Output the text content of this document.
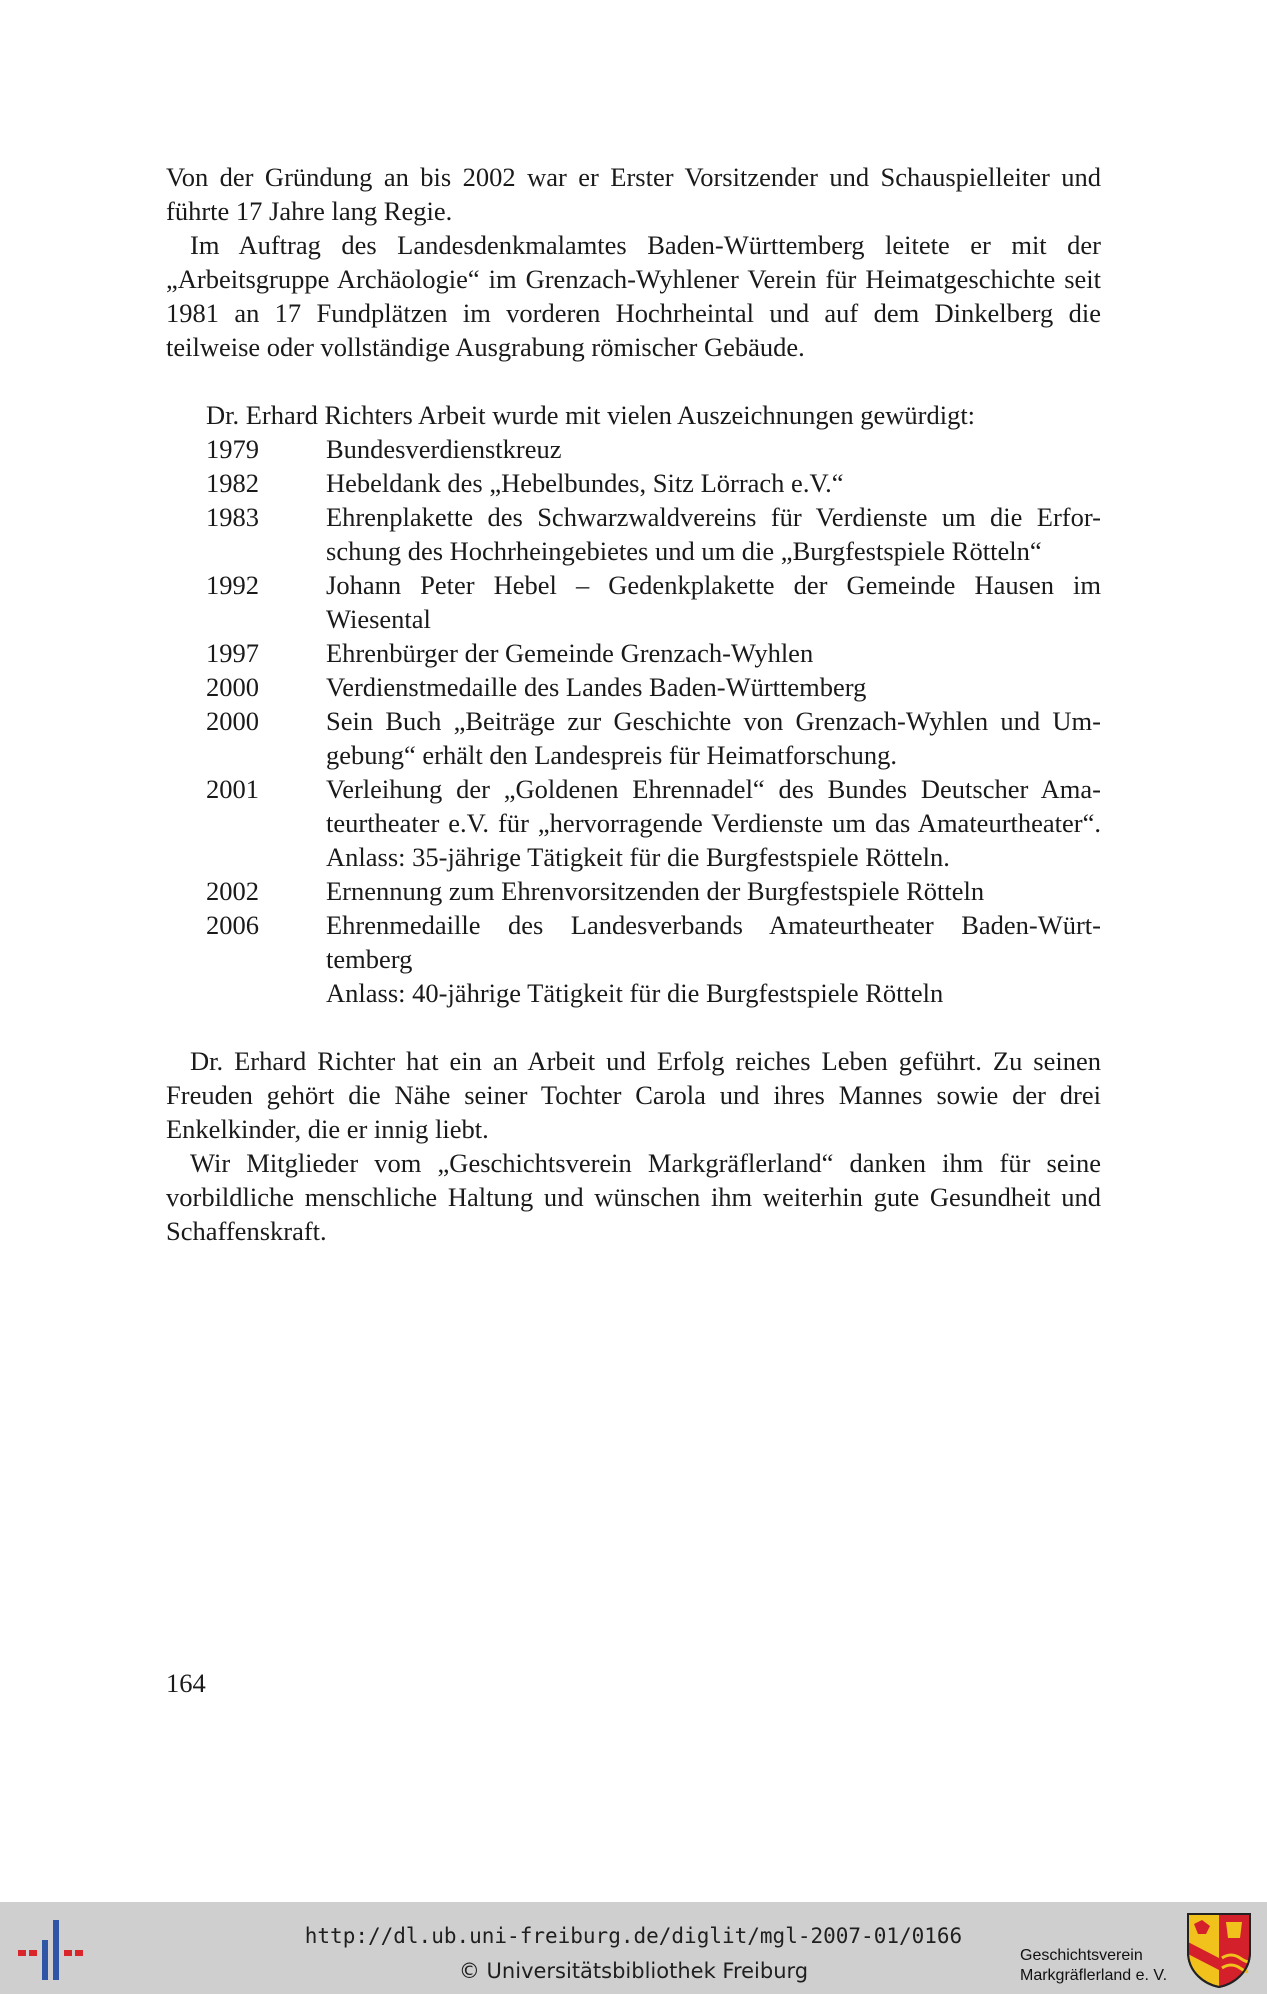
Von der Gründung an bis 2002 war er Erster Vorsitzender und Schauspielleiter und führte 17 Jahre lang Regie.

Im Auftrag des Landesdenkmalamtes Baden-Württemberg leitete er mit der „Arbeitsgruppe Archäologie“ im Grenzach-Wyhlener Verein für Heimatgeschichte seit 1981 an 17 Fundplätzen im vorderen Hochrheintal und auf dem Dinkelberg die teilweise oder vollständige Ausgrabung römischer Gebäude.

Dr. Erhard Richters Arbeit wurde mit vielen Auszeichnungen gewürdigt:

1979	Bundesverdienstkreuz
1982	Hebeldank des „Hebelbundes, Sitz Lörrach e.V.“
1983	Ehrenplakette des Schwarzwaldvereins für Verdienste um die Erfor-
schung des Hochrheingebietes und um die „Burgfestspiele Rötteln“
1992	Johann Peter Hebel – Gedenkplakette der Gemeinde Hausen im
Wiesental
1997	Ehrenbürger der Gemeinde Grenzach-Wyhlen
2000	Verdienstmedaille des Landes Baden-Württemberg
2000	Sein Buch „Beiträge zur Geschichte von Grenzach-Wyhlen und Um-
gebung“ erhält den Landespreis für Heimatforschung.
2001	Verleihung der „Goldenen Ehrennadel“ des Bundes Deutscher Ama-
teurtheater e.V. für „hervorragende Verdienste um das Amateurtheater“.
Anlass: 35-jährige Tätigkeit für die Burgfestspiele Rötteln.
2002	Ernennung zum Ehrenvorsitzenden der Burgfestspiele Rötteln
2006	Ehrenmedaille des Landesverbands Amateurtheater Baden-Würt-
temberg
Anlass: 40-jährige Tätigkeit für die Burgfestspiele Rötteln

Dr. Erhard Richter hat ein an Arbeit und Erfolg reiches Leben geführt. Zu seinen Freuden gehört die Nähe seiner Tochter Carola und ihres Mannes sowie der drei Enkelkinder, die er innig liebt.

Wir Mitglieder vom „Geschichtsverein Markgräflerland“ danken ihm für seine vorbildliche menschliche Haltung und wünschen ihm weiterhin gute Gesundheit und Schaffenskraft.

164
http://dl.ub.uni-freiburg.de/diglit/mgl-2007-01/0166
© Universitätsbibliothek Freiburg
Geschichtsverein
Markgräflerland e. V.
